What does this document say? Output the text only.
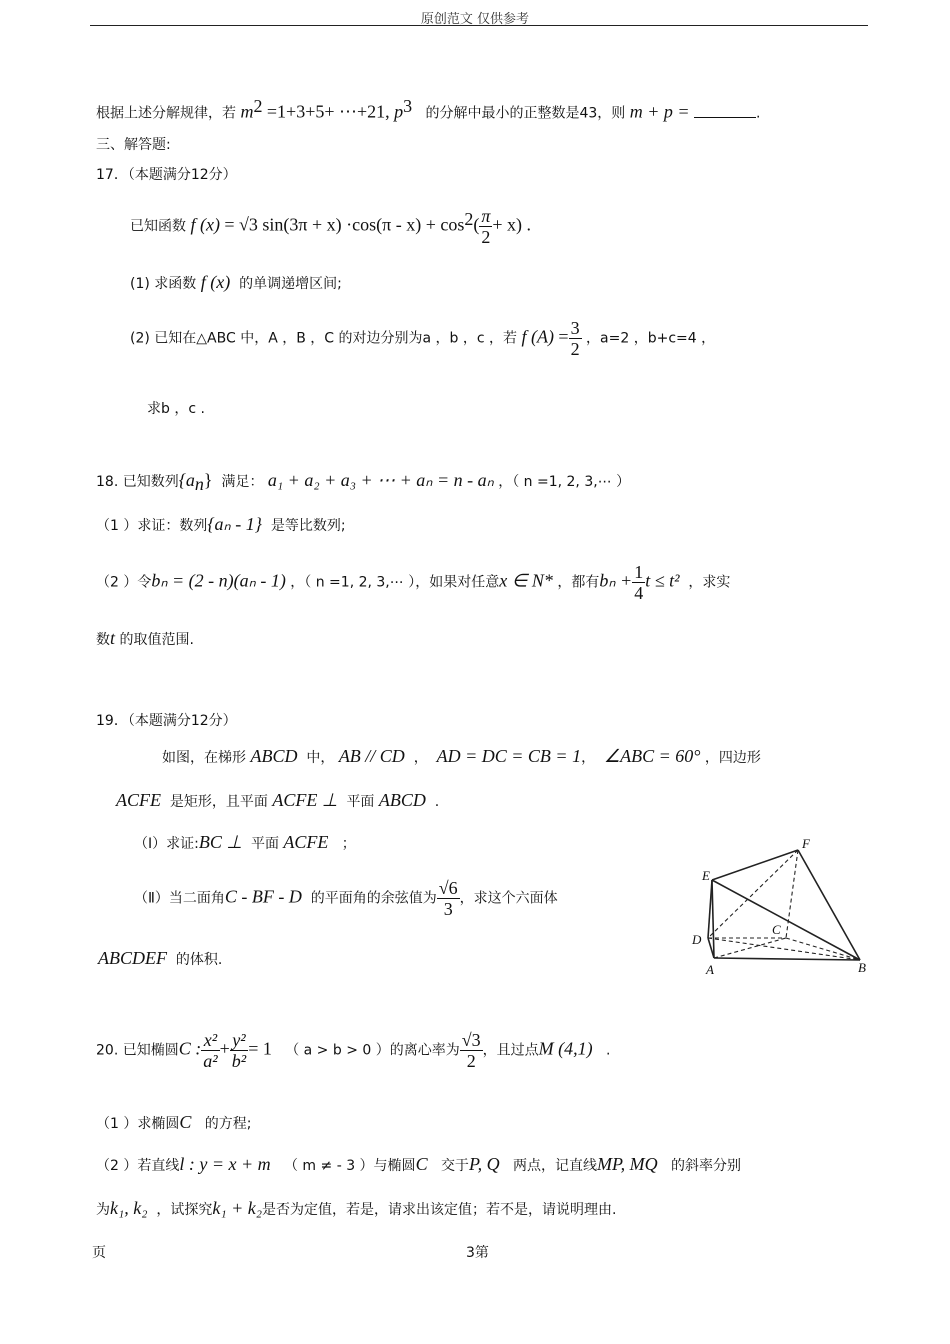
原创范文 仅供参考
根据上述分解规律，若 $m^2 =1+3+5+$ ⋯+21, $p^3$ 的分解中最小的正整数是43，则 m + p =	.
三、解答题:
17．（本题满分12分）
已知函数 f (x) = √3 $\sin(3\pi + x) \cdot\cos(\pi - x) + \cos^2( \frac{\pi}{2} + x)$ .
(1) 求函数 f (x) 的单调递增区间;
(2) 已知在△ABC 中，A ，B ，C 的对边分别为a ，b ，c ，若 f $(A) = \frac{3}{2}$ ，a=2 ，b+c=4 ，
求b ，c .
18. 已知数列$\{a_n\}$ 满足： a₁ + a₂ + a₃ + ⋯ + aₙ = n - aₙ ，（ n =1, 2, 3,⋯ ）
（1 ）求证：数列{aₙ - 1} 是等比数列;
（2 ）令bₙ = (2 - n)(aₙ - 1) ，（ n =1, 2, 3,⋯ ），如果对任意x ∈ N* ，都有$b_n + \frac{1}{4}$ t ≤ t² ，求实
数t 的取值范围.
19．（本题满分12分）
如图，在梯形 ABCD 中， AB // CD  ，  AD = DC = CB = 1，  ∠ABC = 60° ，四边形
ACFE 是矩形，且平面 ACFE ⊥ 平面 ABCD .
（Ⅰ）求证:BC ⊥ 平面 ACFE ；
（Ⅱ）当二面角C - BF - D 的平面角的余弦值为 $\frac{√6}{3}$ ，求这个六面体
ABCDEF 的体积.
F
E
C
D
A	B
20. 已知椭圆C : $\frac{\text{x²}}{\text{a²}} + \frac{\text{y²}}{\text{b²}} = 1$ （ a > b > 0 ）的离心率为 $\frac{√3}{2}$ ，且过点M (4,1) .
（1 ）求椭圆C 的方程;
（2 ）若直线l : y = x + m （ m ≠ - 3 ）与椭圆C 交于P, Q 两点，记直线MP, MQ 的斜率分别
为k₁, k₂ ，试探究k₁ + k₂是否为定值，若是，请求出该定值；若不是，请说明理由.
页	3第
